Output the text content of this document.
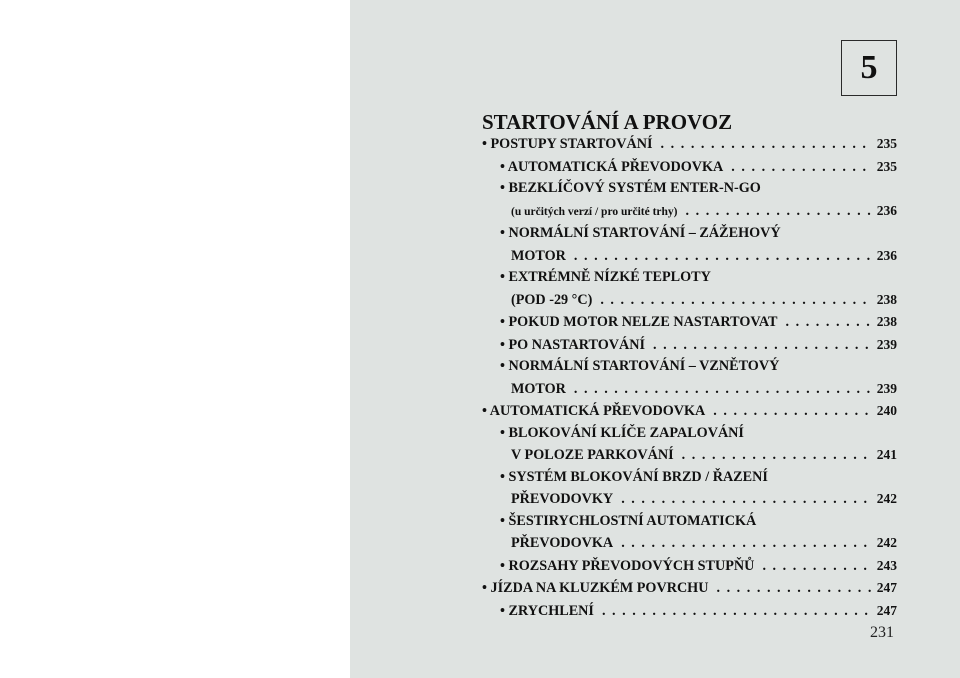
5
STARTOVÁNÍ A PROVOZ
• POSTUPY STARTOVÁNÍ . . .	235
• AUTOMATICKÁ PŘEVODOVKA . . .	235
• BEZKLÍČOVÝ SYSTÉM ENTER-N-GO
(u určitých verzí / pro určité trhy) . . .	236
• NORMÁLNÍ STARTOVÁNÍ – ZÁŽEHOVÝ
MOTOR . . .	236
• EXTRÉMNĚ NÍZKÉ TEPLOTY
(POD -29 °C) . . .	238
• POKUD MOTOR NELZE NASTARTOVAT . . .	238
• PO NASTARTOVÁNÍ . . .	239
• NORMÁLNÍ STARTOVÁNÍ – VZNĚTOVÝ
MOTOR . . .	239
• AUTOMATICKÁ PŘEVODOVKA . . .	240
• BLOKOVÁNÍ KLÍČE ZAPALOVÁNÍ
V POLOZE PARKOVÁNÍ . . .	241
• SYSTÉM BLOKOVÁNÍ BRZD / ŘAZENÍ
PŘEVODOVKY . . .	242
• ŠESTIRYCHLOSTNÍ AUTOMATICKÁ
PŘEVODOVKA . . .	242
• ROZSAHY PŘEVODOVÝCH STUPŇŮ . . .	243
• JÍZDA NA KLUZKÉM POVRCHU . . .	247
• ZRYCHLENÍ . . .	247
231
